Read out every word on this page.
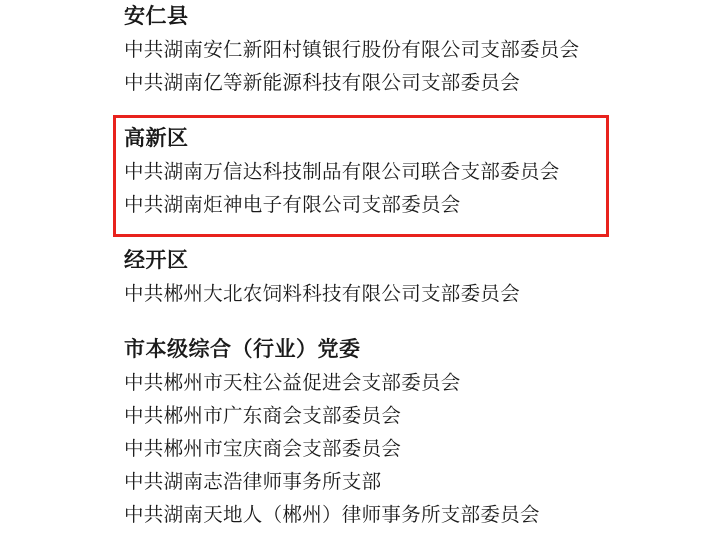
安仁县
中共湖南安仁新阳村镇银行股份有限公司支部委员会
中共湖南亿等新能源科技有限公司支部委员会
高新区
中共湖南万信达科技制品有限公司联合支部委员会
中共湖南炬神电子有限公司支部委员会
经开区
中共郴州大北农饲料科技有限公司支部委员会
市本级综合（行业）党委
中共郴州市天柱公益促进会支部委员会
中共郴州市广东商会支部委员会
中共郴州市宝庆商会支部委员会
中共湖南志浩律师事务所支部
中共湖南天地人（郴州）律师事务所支部委员会
